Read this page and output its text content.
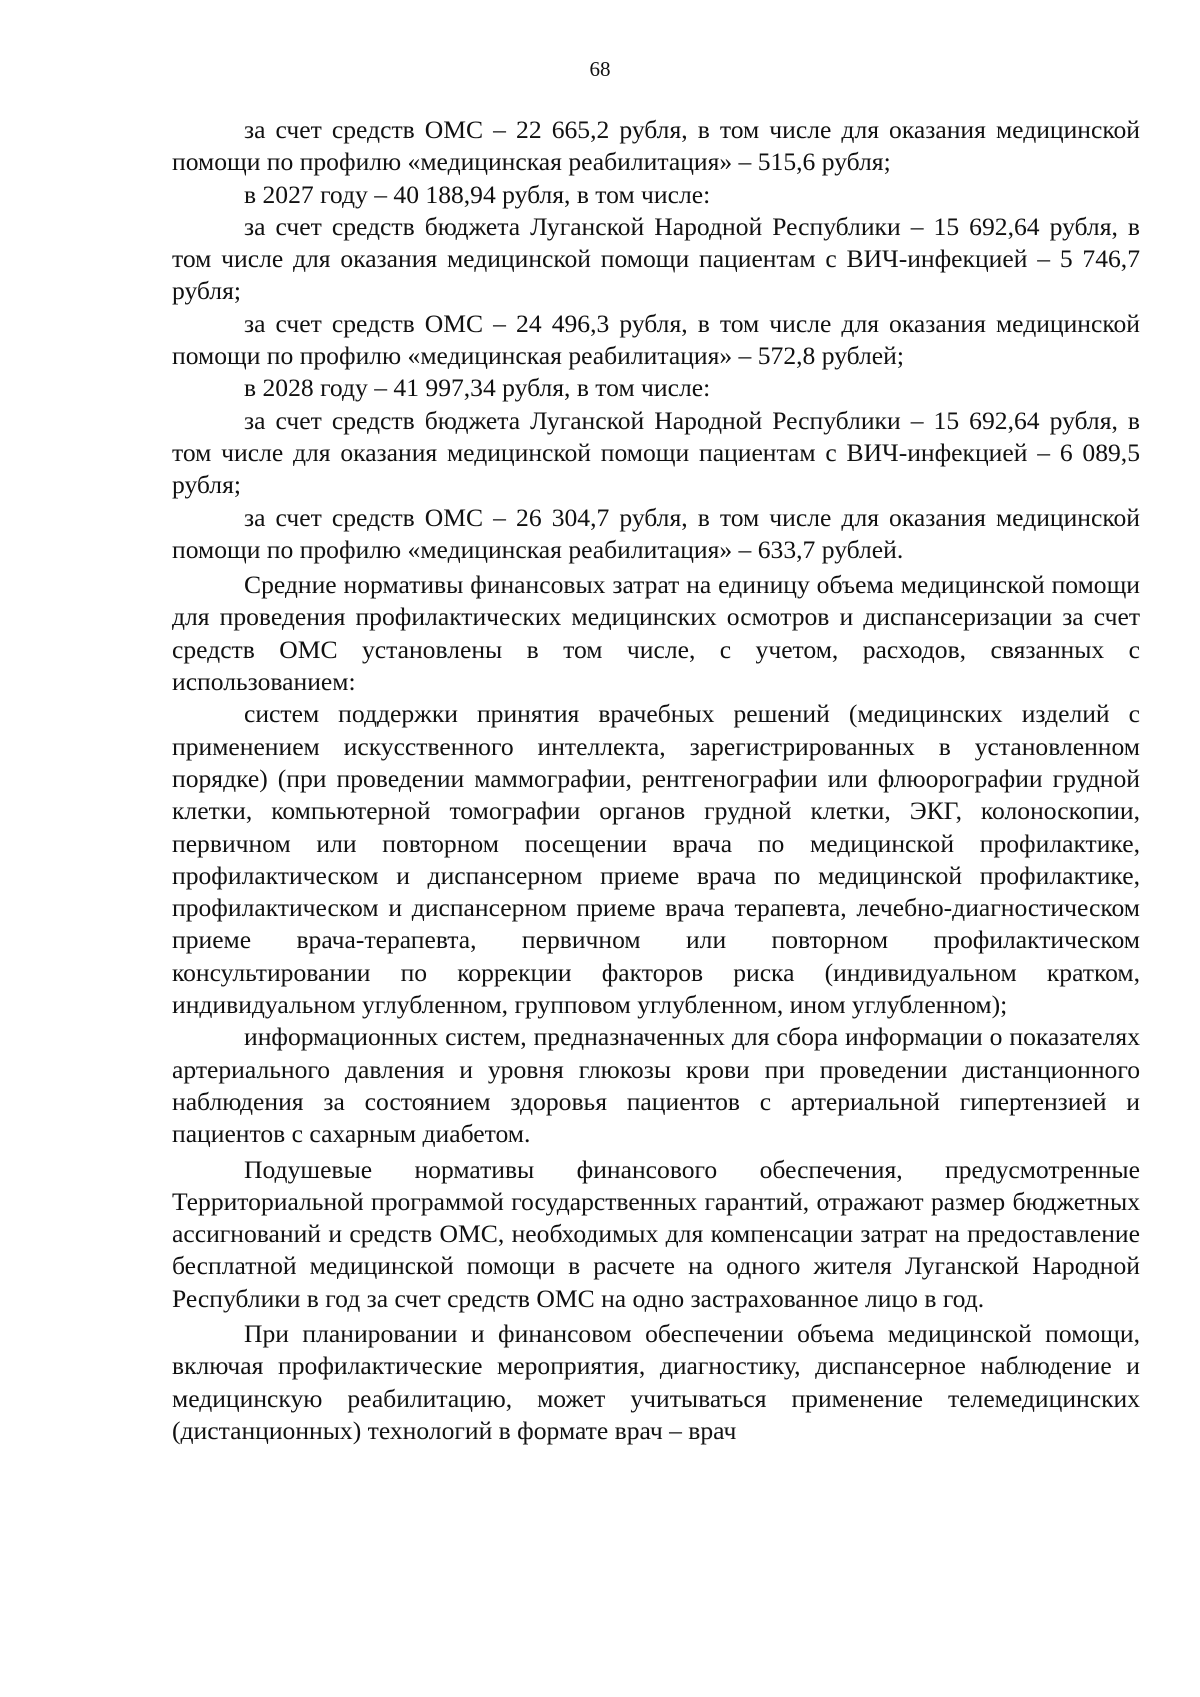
68

за счет средств ОМС – 22 665,2 рубля, в том числе для оказания медицинской помощи по профилю «медицинская реабилитация» – 515,6 рубля;

в 2027 году – 40 188,94 рубля, в том числе:

за счет средств бюджета Луганской Народной Республики – 15 692,64 рубля, в том числе для оказания медицинской помощи пациентам с ВИЧ-инфекцией – 5 746,7 рубля;

за счет средств ОМС – 24 496,3 рубля, в том числе для оказания медицинской помощи по профилю «медицинская реабилитация» – 572,8 рублей;

в 2028 году – 41 997,34 рубля, в том числе:

за счет средств бюджета Луганской Народной Республики – 15 692,64 рубля, в том числе для оказания медицинской помощи пациентам с ВИЧ-инфекцией – 6 089,5 рубля;

за счет средств ОМС – 26 304,7 рубля, в том числе для оказания медицинской помощи по профилю «медицинская реабилитация» – 633,7 рублей.

Средние нормативы финансовых затрат на единицу объема медицинской помощи для проведения профилактических медицинских осмотров и диспансеризации за счет средств ОМС установлены в том числе, с учетом, расходов, связанных с использованием:

систем поддержки принятия врачебных решений (медицинских изделий с применением искусственного интеллекта, зарегистрированных в установленном порядке) (при проведении маммографии, рентгенографии или флюорографии грудной клетки, компьютерной томографии органов грудной клетки, ЭКГ, колоноскопии, первичном или повторном посещении врача по медицинской профилактике, профилактическом и диспансерном приеме врача по медицинской профилактике, профилактическом и диспансерном приеме врача терапевта, лечебно-диагностическом приеме врача-терапевта, первичном или повторном профилактическом консультировании по коррекции факторов риска (индивидуальном кратком, индивидуальном углубленном, групповом углубленном, ином углубленном);

информационных систем, предназначенных для сбора информации о показателях артериального давления и уровня глюкозы крови при проведении дистанционного наблюдения за состоянием здоровья пациентов с артериальной гипертензией и пациентов с сахарным диабетом.

Подушевые нормативы финансового обеспечения, предусмотренные Территориальной программой государственных гарантий, отражают размер бюджетных ассигнований и средств ОМС, необходимых для компенсации затрат на предоставление бесплатной медицинской помощи в расчете на одного жителя Луганской Народной Республики в год за счет средств ОМС на одно застрахованное лицо в год.

При планировании и финансовом обеспечении объема медицинской помощи, включая профилактические мероприятия, диагностику, диспансерное наблюдение и медицинскую реабилитацию, может учитываться применение телемедицинских (дистанционных) технологий в формате врач – врач
